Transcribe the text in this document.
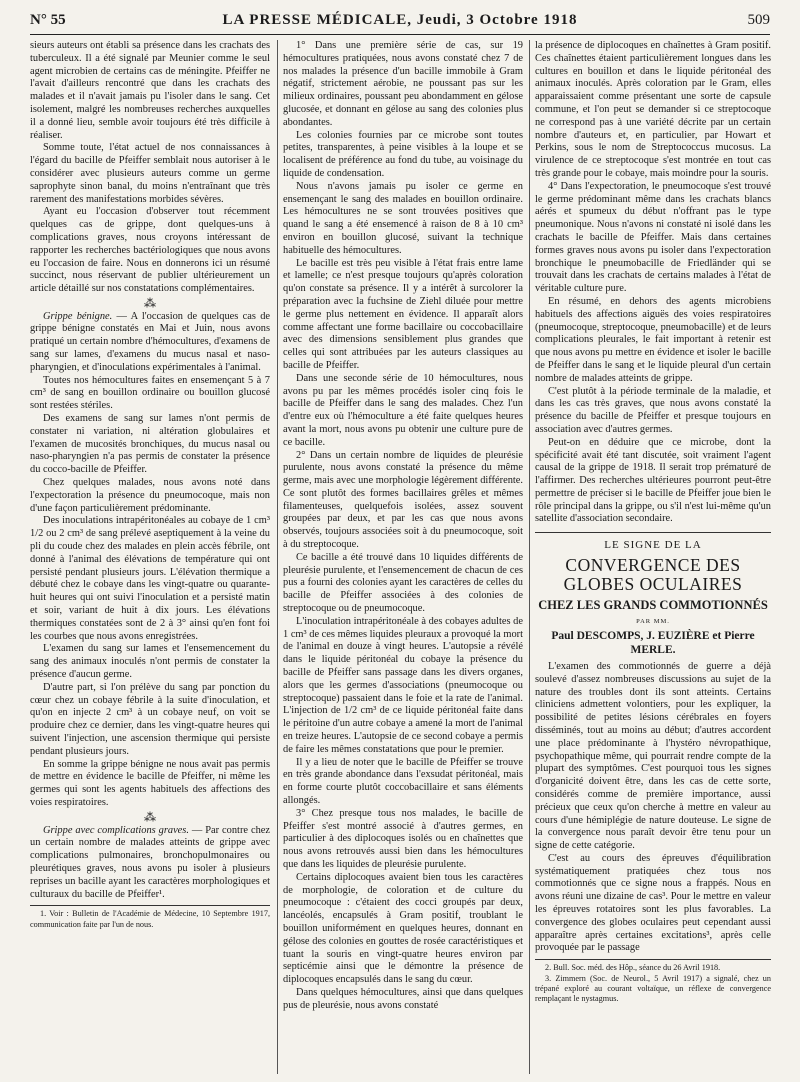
N° 55	LA PRESSE MÉDICALE, Jeudi, 3 Octobre 1918	509

sieurs auteurs ont établi sa présence dans les crachats des tuberculeux. Il a été signalé par Meunier comme le seul agent microbien de certains cas de méningite. Pfeiffer ne l'avait d'ailleurs rencontré que dans les crachats des malades et il n'avait jamais pu l'isoler dans le sang. Cet isolement, malgré les nombreuses recherches auxquelles il a donné lieu, semble avoir toujours été très difficile à réaliser.

Somme toute, l'état actuel de nos connaissances à l'égard du bacille de Pfeiffer semblait nous autoriser à le considérer avec plusieurs auteurs comme un germe saprophyte sinon banal, du moins n'entraînant que très rarement des manifestations morbides sévères.

Ayant eu l'occasion d'observer tout récemment quelques cas de grippe, dont quelques-uns à complications graves, nous croyons intéressant de rapporter les recherches bactériologiques que nous avons eu l'occasion de faire. Nous en donnerons ici un résumé succinct, nous réservant de publier ultérieurement un article détaillé sur nos constatations complémentaires.

⁂

Grippe bénigne. — A l'occasion de quelques cas de grippe bénigne constatés en Mai et Juin, nous avons pratiqué un certain nombre d'hémocultures, d'examens de sang sur lames, d'examens du mucus nasal et naso-pharyngien, et d'inoculations expérimentales à l'animal.

Toutes nos hémocultures faites en ensemençant 5 à 7 cm³ de sang en bouillon ordinaire ou bouillon glucosé sont restées stériles.

Des examens de sang sur lames n'ont permis de constater ni variation, ni altération globulaires et l'examen de mucosités bronchiques, du mucus nasal ou naso-pharyngien n'a pas permis de constater la présence du cocco-bacille de Pfeiffer.

Chez quelques malades, nous avons noté dans l'expectoration la présence du pneumocoque, mais non d'une façon particulièrement prédominante.

Des inoculations intrapéritonéales au cobaye de 1 cm³ 1/2 ou 2 cm³ de sang prélevé aseptiquement à la veine du pli du coude chez des malades en plein accès fébrile, ont donné à l'animal des élévations de température qui ont persisté pendant plusieurs jours. L'élévation thermique a débuté chez le cobaye dans les vingt-quatre ou quarante-huit heures qui ont suivi l'inoculation et a persisté matin et soir, variant de huit à dix jours. Les élévations thermiques constatées sont de 2 à 3° ainsi qu'en font foi les courbes que nous avons enregistrées.

L'examen du sang sur lames et l'ensemencement du sang des animaux inoculés n'ont permis de constater la présence d'aucun germe.

D'autre part, si l'on prélève du sang par ponction du cœur chez un cobaye fébrile à la suite d'inoculation, et qu'on en injecte 2 cm³ à un cobaye neuf, on voit se produire chez ce dernier, dans les vingt-quatre heures qui suivent l'injection, une ascension thermique qui persiste pendant plusieurs jours.

En somme la grippe bénigne ne nous avait pas permis de mettre en évidence le bacille de Pfeiffer, ni même les germes qui sont les agents habituels des affections des voies respiratoires.

⁂

Grippe avec complications graves. — Par contre chez un certain nombre de malades atteints de grippe avec complications pulmonaires, bronchopulmonaires ou pleurétiques graves, nous avons pu isoler à plusieurs reprises un bacille ayant les caractères morphologiques et culturaux du bacille de Pfeiffer¹.

1. Voir : Bulletin de l'Académie de Médecine, 10 Septembre 1917, communication faite par l'un de nous.

1° Dans une première série de cas, sur 19 hémocultures pratiquées, nous avons constaté chez 7 de nos malades la présence d'un bacille immobile à Gram négatif, strictement aérobie, ne poussant pas sur les milieux ordinaires, poussant peu abondamment en gélose glucosée, et donnant en gélose au sang des colonies plus abondantes.

Les colonies fournies par ce microbe sont toutes petites, transparentes, à peine visibles à la loupe et se localisent de préférence au fond du tube, au voisinage du liquide de condensation.

Nous n'avons jamais pu isoler ce germe en ensemençant le sang des malades en bouillon ordinaire. Les hémocultures ne se sont trouvées positives que quand le sang a été ensemencé à raison de 8 à 10 cm³ environ en bouillon glucosé, suivant la technique habituelle des hémocultures.

Le bacille est très peu visible à l'état frais entre lame et lamelle; ce n'est presque toujours qu'après coloration qu'on constate sa présence. Il y a intérêt à surcolorer la préparation avec la fuchsine de Ziehl diluée pour mettre le germe plus nettement en évidence. Il apparaît alors comme affectant une forme bacillaire ou coccobacillaire avec des dimensions sensiblement plus grandes que celles qui sont attribuées par les auteurs classiques au bacille de Pfeiffer.

Dans une seconde série de 10 hémocultures, nous avons pu par les mêmes procédés isoler cinq fois le bacille de Pfeiffer dans le sang des malades. Chez l'un d'entre eux où l'hémoculture a été faite quelques heures avant la mort, nous avons pu obtenir une culture pure de ce bacille.

2° Dans un certain nombre de liquides de pleurésie purulente, nous avons constaté la présence du même germe, mais avec une morphologie légèrement différente. Ce sont plutôt des formes bacillaires grêles et mêmes filamenteuses, quelquefois isolées, assez souvent groupées par deux, et par les cas que nous avons observés, toujours associées soit à du pneumocoque, soit à du streptocoque.

Ce bacille a été trouvé dans 10 liquides différents de pleurésie purulente, et l'ensemencement de chacun de ces pus a fourni des colonies ayant les caractères de celles du bacille de Pfeiffer associées à des colonies de streptocoque ou de pneumocoque.

L'inoculation intrapéritonéale à des cobayes adultes de 1 cm³ de ces mêmes liquides pleuraux a provoqué la mort de l'animal en douze à vingt heures. L'autopsie a révélé dans le liquide péritonéal du cobaye la présence du bacille de Pfeiffer sans passage dans les divers organes, alors que les germes d'associations (pneumocoque ou streptocoque) passaient dans le foie et la rate de l'animal. L'injection de 1/2 cm³ de ce liquide péritonéal faite dans le péritoine d'un autre cobaye a amené la mort de l'animal en treize heures. L'autopsie de ce second cobaye a permis de faire les mêmes constatations que pour le premier.

Il y a lieu de noter que le bacille de Pfeiffer se trouve en très grande abondance dans l'exsudat péritonéal, mais en forme courte plutôt coccobacillaire et sans éléments allongés.

3° Chez presque tous nos malades, le bacille de Pfeiffer s'est montré associé à d'autres germes, en particulier à des diplocoques isolés ou en chaînettes que nous avons retrouvés aussi bien dans les hémocultures que dans les liquides de pleurésie purulente.

Certains diplocoques avaient bien tous les caractères de morphologie, de coloration et de culture du pneumocoque : c'étaient des cocci groupés par deux, lancéolés, encapsulés à Gram positif, troublant le bouillon uniformément en quelques heures, donnant en gélose des colonies en gouttes de rosée caractéristiques et tuant la souris en vingt-quatre heures environ par septicémie ainsi que le démontre la présence de diplocoques encapsulés dans le sang du cœur.

Dans quelques hémocultures, ainsi que dans quelques pus de pleurésie, nous avons constaté

la présence de diplocoques en chaînettes à Gram positif. Ces chaînettes étaient particulièrement longues dans les cultures en bouillon et dans le liquide péritonéal des animaux inoculés. Après coloration par le Gram, elles apparaissaient comme présentant une sorte de capsule commune, et l'on peut se demander si ce streptocoque ne correspond pas à une variété décrite par un certain nombre d'auteurs et, en particulier, par Howart et Perkins, sous le nom de Streptococcus mucosus. La virulence de ce streptocoque s'est montrée en tout cas très grande pour le cobaye, mais moindre pour la souris.

4° Dans l'expectoration, le pneumocoque s'est trouvé le germe prédominant même dans les crachats blancs aérés et spumeux du début n'offrant pas le type pneumonique. Nous n'avons ni constaté ni isolé dans les crachats le bacille de Pfeiffer. Mais dans certaines formes graves nous avons pu isoler dans l'expectoration bronchique le pneumobacille de Friedländer qui se trouvait dans les crachats de certains malades à l'état de véritable culture pure.

En résumé, en dehors des agents microbiens habituels des affections aiguës des voies respiratoires (pneumocoque, streptocoque, pneumobacille) et de leurs complications pleurales, le fait important à retenir est que nous avons pu mettre en évidence et isoler le bacille de Pfeiffer dans le sang et le liquide pleural d'un certain nombre de malades atteints de grippe.

C'est plutôt à la période terminale de la maladie, et dans les cas très graves, que nous avons constaté la présence du bacille de Pfeiffer et presque toujours en association avec d'autres germes.

Peut-on en déduire que ce microbe, dont la spécificité avait été tant discutée, soit vraiment l'agent causal de la grippe de 1918. Il serait trop prématuré de l'affirmer. Des recherches ultérieures pourront peut-être permettre de préciser si le bacille de Pfeiffer joue bien le rôle principal dans la grippe, ou s'il n'est lui-même qu'un satellite d'association secondaire.

LE SIGNE DE LA
CONVERGENCE DES GLOBES OCULAIRES
CHEZ LES GRANDS COMMOTIONNÉS
PAR MM.
Paul DESCOMPS, J. EUZIÈRE et Pierre MERLE.

L'examen des commotionnés de guerre a déjà soulevé d'assez nombreuses discussions au sujet de la nature des troubles dont ils sont atteints. Certains cliniciens admettent volontiers, pour les expliquer, la possibilité de petites lésions cérébrales en foyers disséminés, tout au moins au début; d'autres accordent une place prédominante à l'hystéro névropathique, psychopathique même, qui pourrait rendre compte de la plupart des symptômes. C'est pourquoi tous les signes d'organicité doivent être, dans les cas de cette sorte, considérés comme de première importance, aussi précieux que ceux qu'on cherche à mettre en valeur au cours d'une hémiplégie de nature douteuse. Le signe de la convergence nous paraît devoir être tenu pour un signe de cette catégorie.

C'est au cours des épreuves d'équilibration systématiquement pratiquées chez tous nos commotionnés que ce signe nous a frappés. Nous en avons réuni une dizaine de cas³. Pour le mettre en valeur les épreuves rotatoires sont les plus favorables. La convergence des globes oculaires peut cependant aussi apparaître après certaines excitations³, après celle provoquée par le passage

2. Bull. Soc. méd. des Hôp., séance du 26 Avril 1918.

3. Zimmern (Soc. de Neurol., 5 Avril 1917) a signalé, chez un trépané exploré au courant voltaïque, un réflexe de convergence remplaçant le nystagmus.
